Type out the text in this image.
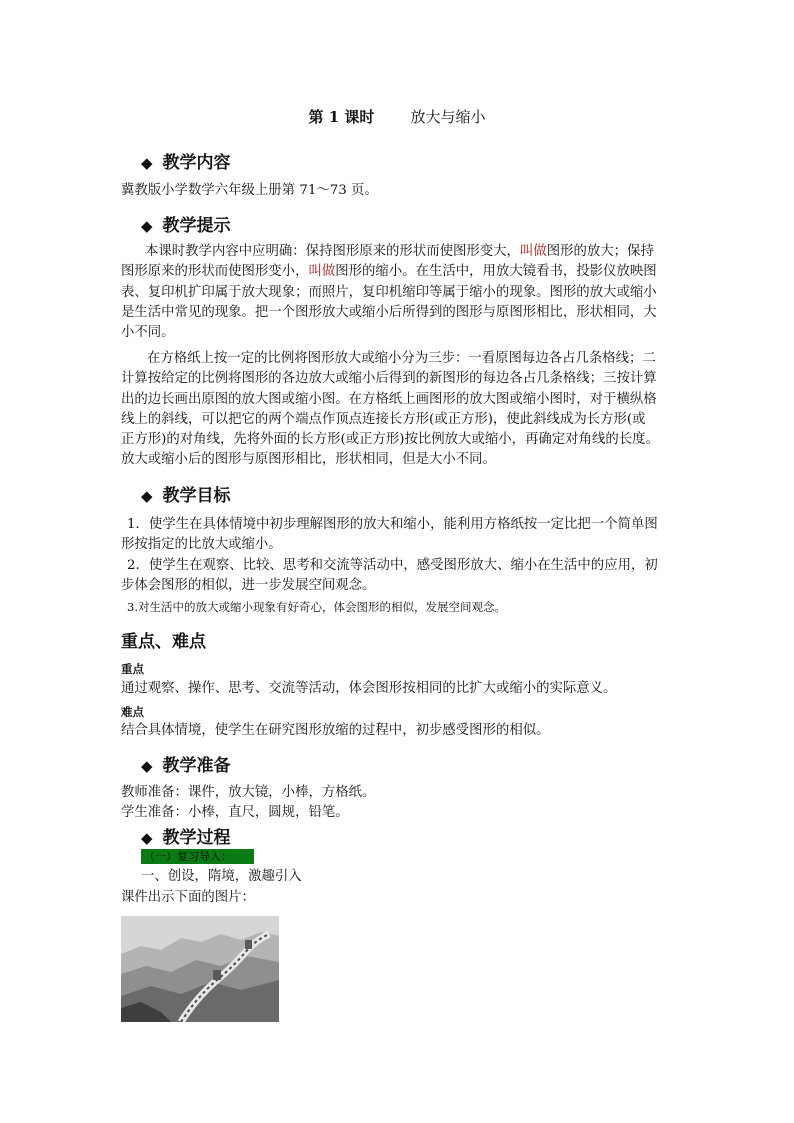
第 1 课时 放大与缩小
◆ 教学内容
冀教版小学数学六年级上册第 71～73 页。
◆ 教学提示
本课时教学内容中应明确：保持图形原来的形状而使图形变大，叫做图形的放大；保持
图形原来的形状而使图形变小，叫做图形的缩小。在生活中，用放大镜看书，投影仪放映图
表、复印机扩印属于放大现象；而照片，复印机缩印等属于缩小的现象。图形的放大或缩小
是生活中常见的现象。把一个图形放大或缩小后所得到的图形与原图形相比，形状相同，大
小不同。
在方格纸上按一定的比例将图形放大或缩小分为三步：一看原图每边各占几条格线；二
计算按给定的比例将图形的各边放大或缩小后得到的新图形的每边各占几条格线；三按计算
出的边长画出原图的放大图或缩小图。在方格纸上画图形的放大图或缩小图时，对于横纵格
线上的斜线，可以把它的两个端点作顶点连接长方形(或正方形)，使此斜线成为长方形(或
正方形)的对角线，先将外面的长方形(或正方形)按比例放大或缩小，再确定对角线的长度。
放大或缩小后的图形与原图形相比，形状相同，但是大小不同。
◆ 教学目标
1．使学生在具体情境中初步理解图形的放大和缩小，能利用方格纸按一定比把一个简单图
形按指定的比放大或缩小。
2．使学生在观察、比较、思考和交流等活动中，感受图形放大、缩小在生活中的应用，初
步体会图形的相似，进一步发展空间观念。
3.对生活中的放大或缩小现象有好奇心，体会图形的相似，发展空间观念。
重点、难点
重点
通过观察、操作、思考、交流等活动，体会图形按相同的比扩大或缩小的实际意义。
难点
结合具体情境，使学生在研究图形放缩的过程中，初步感受图形的相似。
◆ 教学准备
教师准备：课件，放大镜，小棒，方格纸。
学生准备：小棒，直尺，圆规，铅笔。
◆ 教学过程
（一）复习导入：
一、创设，隋境，激趣引入
课件出示下面的图片：
